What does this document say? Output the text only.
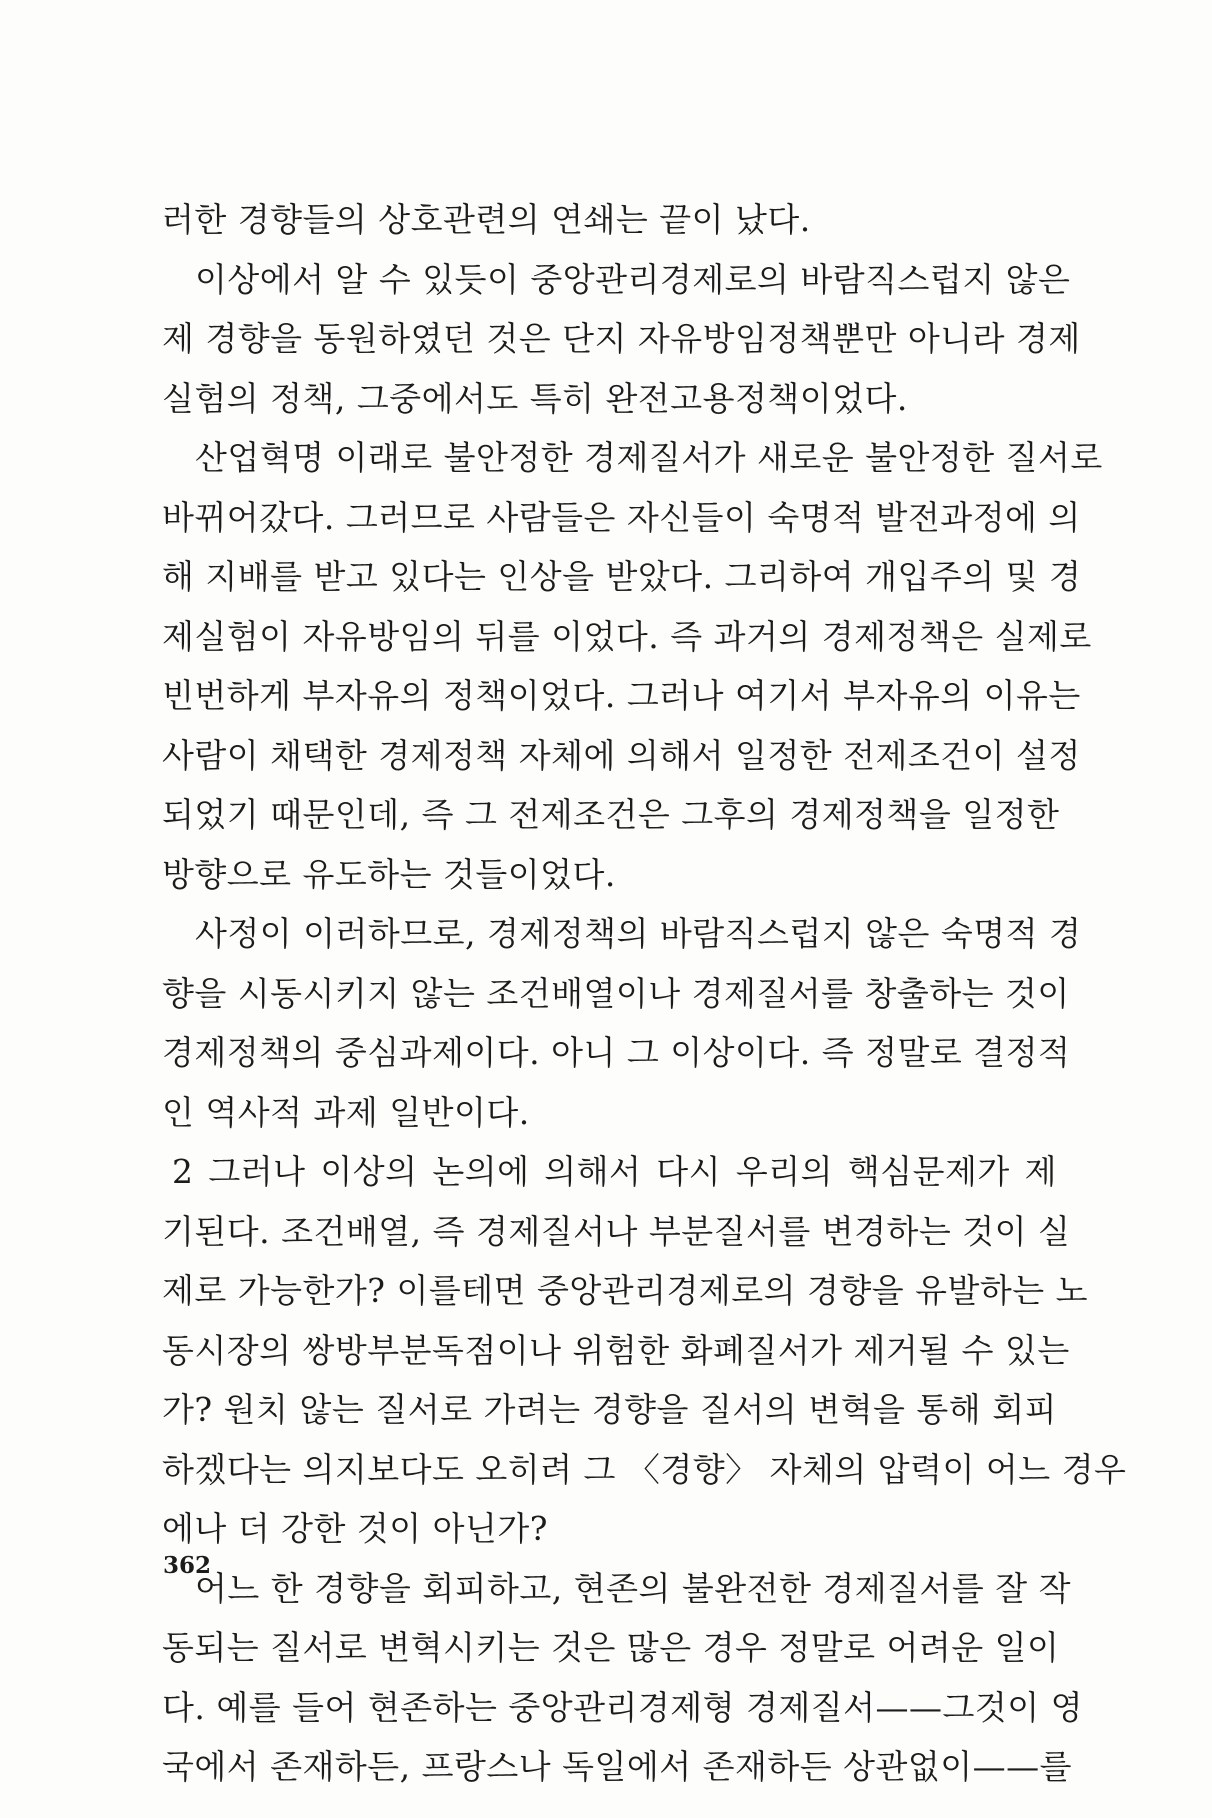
러한 경향들의 상호관련의 연쇄는 끝이 났다.
이상에서 알 수 있듯이 중앙관리경제로의 바람직스럽지 않은
제 경향을 동원하였던 것은 단지 자유방임정책뿐만 아니라 경제
실험의 정책, 그중에서도 특히 완전고용정책이었다.
산업혁명 이래로 불안정한 경제질서가 새로운 불안정한 질서로
바뀌어갔다. 그러므로 사람들은 자신들이 숙명적 발전과정에 의
해 지배를 받고 있다는 인상을 받았다. 그리하여 개입주의 및 경
제실험이 자유방임의 뒤를 이었다. 즉 과거의 경제정책은 실제로
빈번하게 부자유의 정책이었다. 그러나 여기서 부자유의 이유는
사람이 채택한 경제정책 자체에 의해서 일정한 전제조건이 설정
되었기 때문인데, 즉 그 전제조건은 그후의 경제정책을 일정한
방향으로 유도하는 것들이었다.
사정이 이러하므로, 경제정책의 바람직스럽지 않은 숙명적 경
향을 시동시키지 않는 조건배열이나 경제질서를 창출하는 것이
경제정책의 중심과제이다. 아니 그 이상이다. 즉 정말로 결정적
인 역사적 과제 일반이다.
2 그러나 이상의 논의에 의해서 다시 우리의 핵심문제가 제
기된다. 조건배열, 즉 경제질서나 부분질서를 변경하는 것이 실
제로 가능한가? 이를테면 중앙관리경제로의 경향을 유발하는 노
동시장의 쌍방부분독점이나 위험한 화폐질서가 제거될 수 있는
가? 원치 않는 질서로 가려는 경향을 질서의 변혁을 통해 회피
하겠다는 의지보다도 오히려 그 〈경향〉 자체의 압력이 어느 경우
에나 더 강한 것이 아닌가?
어느 한 경향을 회피하고, 현존의 불완전한 경제질서를 잘 작
동되는 질서로 변혁시키는 것은 많은 경우 정말로 어려운 일이
다. 예를 들어 현존하는 중앙관리경제형 경제질서——그것이 영
국에서 존재하든, 프랑스나 독일에서 존재하든 상관없이——를
362
